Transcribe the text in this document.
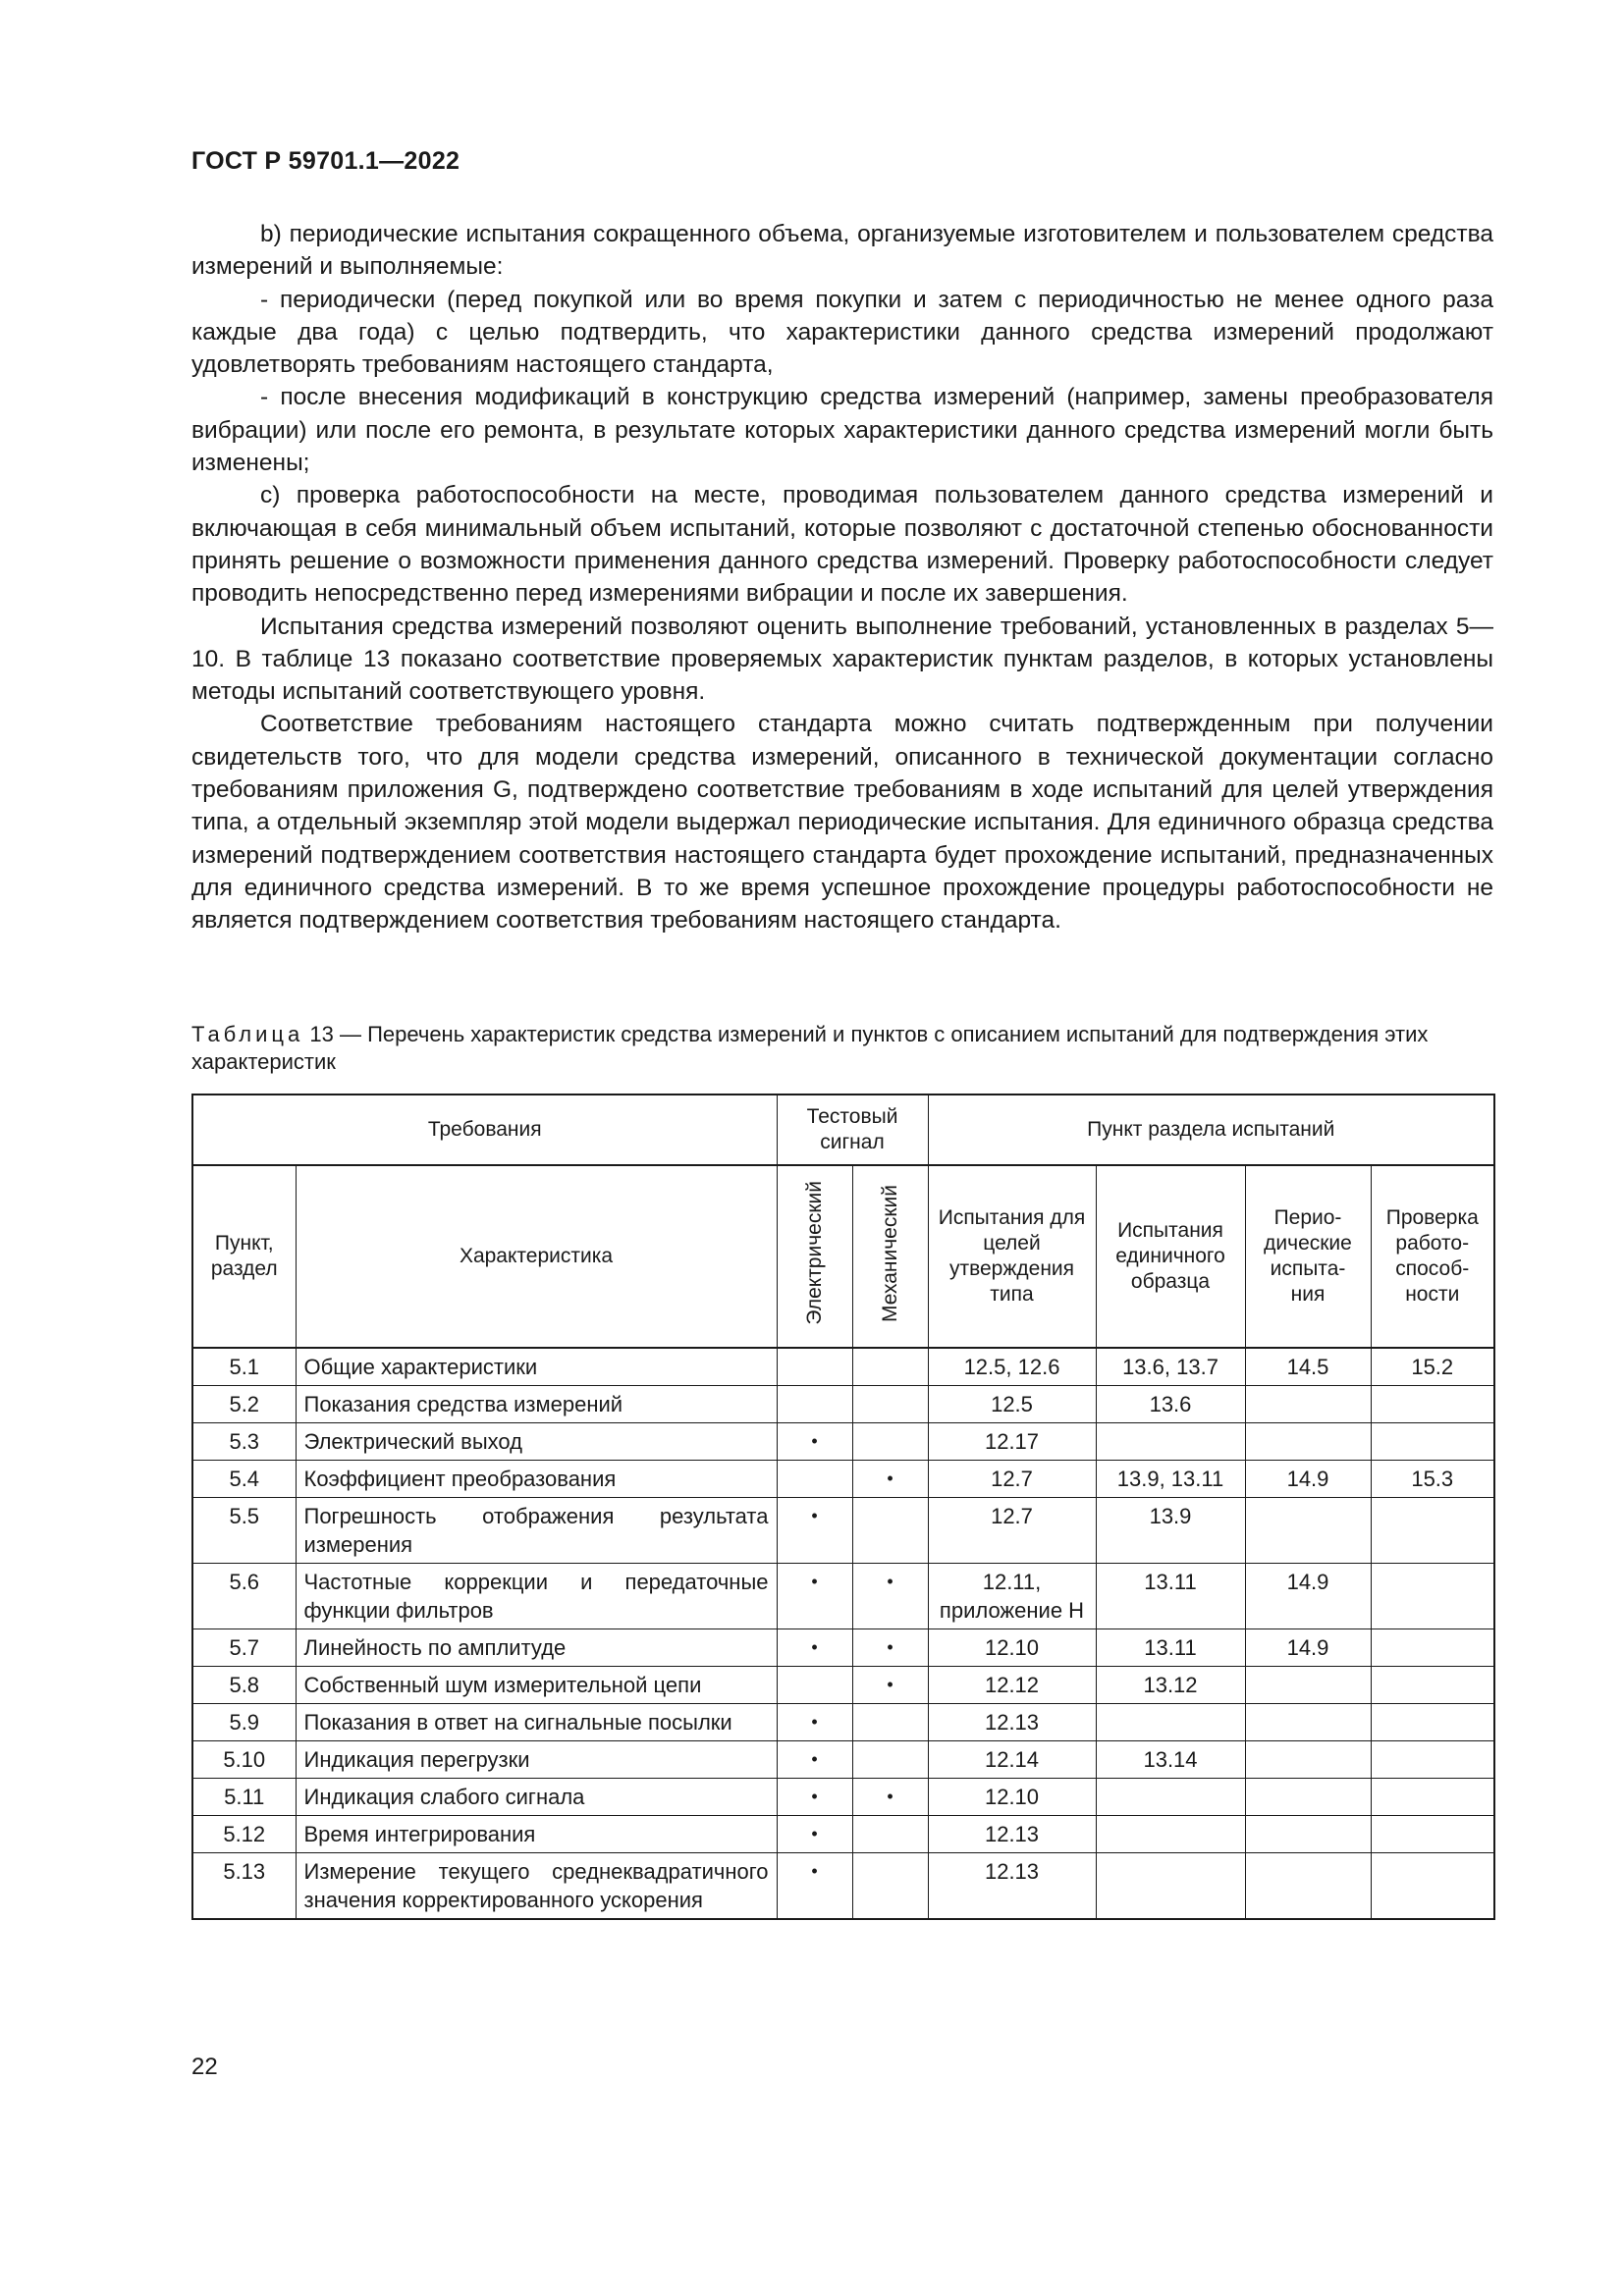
ГОСТ Р 59701.1—2022

b) периодические испытания сокращенного объема, организуемые изготовителем и пользователем средства измерений и выполняемые:

- периодически (перед покупкой или во время покупки и затем с периодичностью не менее одного раза каждые два года) с целью подтвердить, что характеристики данного средства измерений продолжают удовлетворять требованиям настоящего стандарта,

- после внесения модификаций в конструкцию средства измерений (например, замены преобразователя вибрации) или после его ремонта, в результате которых характеристики данного средства измерений могли быть изменены;

c) проверка работоспособности на месте, проводимая пользователем данного средства измерений и включающая в себя минимальный объем испытаний, которые позволяют с достаточной степенью обоснованности принять решение о возможности применения данного средства измерений. Проверку работоспособности следует проводить непосредственно перед измерениями вибрации и после их завершения.

Испытания средства измерений позволяют оценить выполнение требований, установленных в разделах 5—10. В таблице 13 показано соответствие проверяемых характеристик пунктам разделов, в которых установлены методы испытаний соответствующего уровня.

Соответствие требованиям настоящего стандарта можно считать подтвержденным при получении свидетельств того, что для модели средства измерений, описанного в технической документации согласно требованиям приложения G, подтверждено соответствие требованиям в ходе испытаний для целей утверждения типа, а отдельный экземпляр этой модели выдержал периодические испытания. Для единичного образца средства измерений подтверждением соответствия настоящего стандарта будет прохождение испытаний, предназначенных для единичного средства измерений. В то же время успешное прохождение процедуры работоспособности не является подтверждением соответствия требованиям настоящего стандарта.

Таблица 13 — Перечень характеристик средства измерений и пунктов с описанием испытаний для подтверждения этих характеристик
Требования		Тестовый сигнал		Пункт раздела испытаний			
Пункт, раздел	Характеристика	Электрический	Механический	Испытания для целей утверждения типа	Испытания единичного образца	Перио-дические испыта-ния	Проверка работо-способ-ности
5.1	Общие характеристики			12.5, 12.6	13.6, 13.7	14.5	15.2
5.2	Показания средства измерений			12.5	13.6		
5.3	Электрический выход	•		12.17			
5.4	Коэффициент преобразования		•	12.7	13.9, 13.11	14.9	15.3
5.5	Погрешность отображения результата измерения	•		12.7	13.9		
5.6	Частотные коррекции и передаточные функции фильтров	•	•	12.11, приложение H	13.11	14.9	
5.7	Линейность по амплитуде	•	•	12.10	13.11	14.9	
5.8	Собственный шум измерительной цепи		•	12.12	13.12		
5.9	Показания в ответ на сигнальные посылки	•		12.13			
5.10	Индикация перегрузки	•		12.14	13.14		
5.11	Индикация слабого сигнала	•	•	12.10			
5.12	Время интегрирования	•		12.13			
5.13	Измерение текущего среднеквадратичного значения корректированного ускорения	•		12.13			
22
